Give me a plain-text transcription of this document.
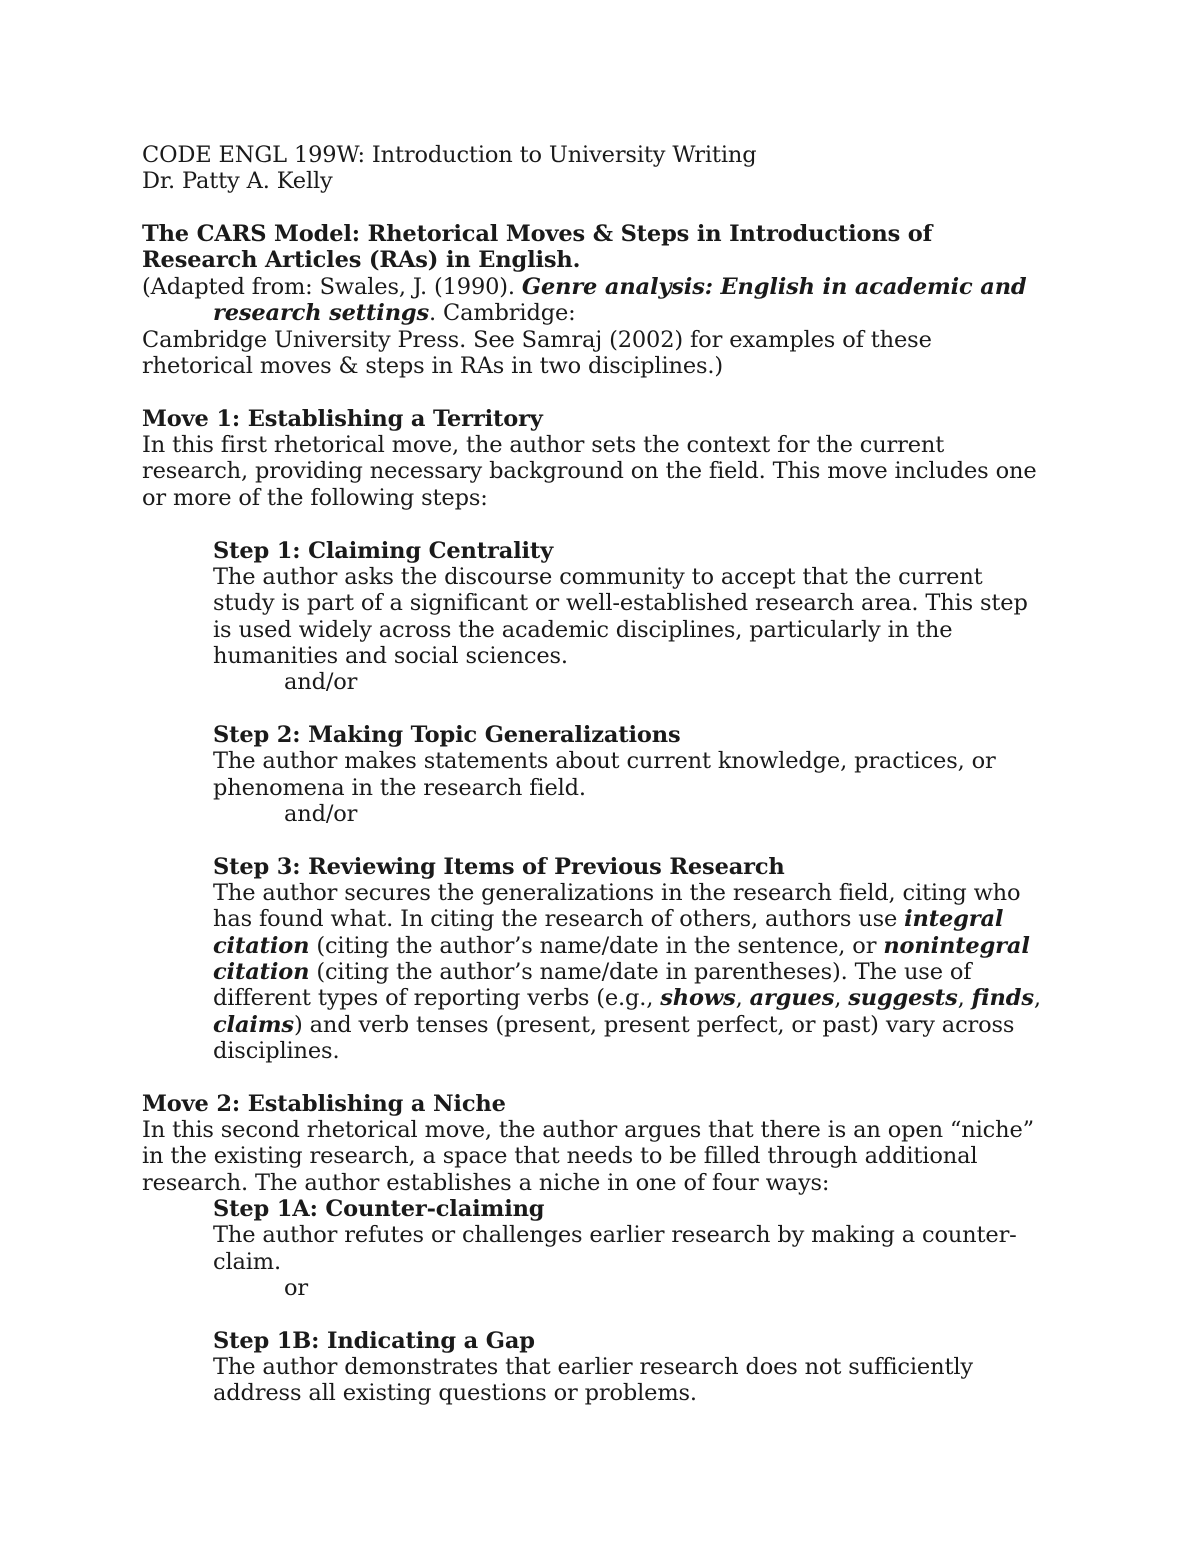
CODE ENGL 199W: Introduction to University Writing
Dr. Patty A. Kelly
The CARS Model: Rhetorical Moves & Steps in Introductions of
Research Articles (RAs) in English.
(Adapted from: Swales, J. (1990). Genre analysis: English in academic and
research settings. Cambridge:
Cambridge University Press. See Samraj (2002) for examples of these
rhetorical moves & steps in RAs in two disciplines.)
Move 1: Establishing a Territory
In this first rhetorical move, the author sets the context for the current
research, providing necessary background on the field. This move includes one
or more of the following steps:
Step 1: Claiming Centrality
The author asks the discourse community to accept that the current
study is part of a significant or well-established research area. This step
is used widely across the academic disciplines, particularly in the
humanities and social sciences.
and/or
Step 2: Making Topic Generalizations
The author makes statements about current knowledge, practices, or
phenomena in the research field.
and/or
Step 3: Reviewing Items of Previous Research
The author secures the generalizations in the research field, citing who
has found what. In citing the research of others, authors use integral
citation (citing the author’s name/date in the sentence, or nonintegral
citation (citing the author’s name/date in parentheses). The use of
different types of reporting verbs (e.g., shows, argues, suggests, finds,
claims) and verb tenses (present, present perfect, or past) vary across
disciplines.
Move 2: Establishing a Niche
In this second rhetorical move, the author argues that there is an open “niche”
in the existing research, a space that needs to be filled through additional
research. The author establishes a niche in one of four ways:
Step 1A: Counter-claiming
The author refutes or challenges earlier research by making a counter-
claim.
or
Step 1B: Indicating a Gap
The author demonstrates that earlier research does not sufficiently
address all existing questions or problems.
